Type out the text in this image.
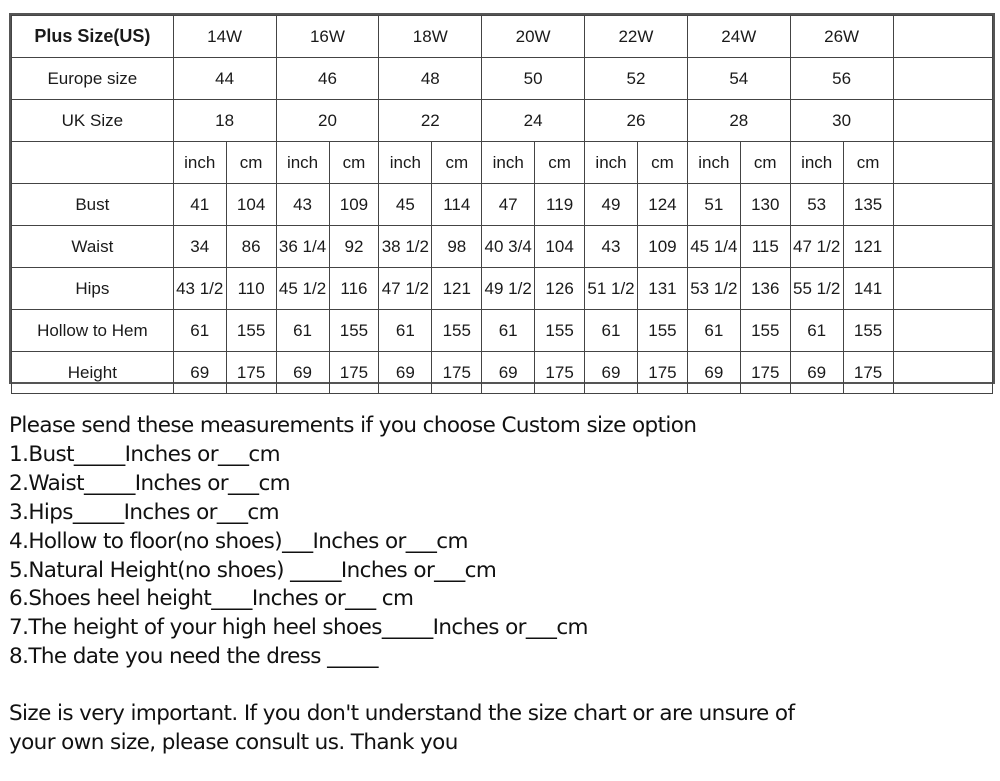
Plus Size(US)	14W		16W		18W		20W		22W		24W		26W		
Europe size	44		46		48		50		52		54		56		
UK Size	18		20		22		24		26		28		30		
	inch	cm	inch	cm	inch	cm	inch	cm	inch	cm	inch	cm	inch	cm	
Bust	41	104	43	109	45	114	47	119	49	124	51	130	53	135	
Waist	34	86	36 1/4	92	38 1/2	98	40 3/4	104	43	109	45 1/4	115	47 1/2	121	
Hips	43 1/2	110	45 1/2	116	47 1/2	121	49 1/2	126	51 1/2	131	53 1/2	136	55 1/2	141	
Hollow to Hem	61	155	61	155	61	155	61	155	61	155	61	155	61	155	
Height	69	175	69	175	69	175	69	175	69	175	69	175	69	175	
Please send these measurements if you choose Custom size option
1.Bust_____Inches or___cm
2.Waist_____Inches or___cm
3.Hips_____Inches or___cm
4.Hollow to floor(no shoes)___Inches or___cm
5.Natural Height(no shoes) _____Inches or___cm
6.Shoes heel height____Inches or___ cm
7.The height of your high heel shoes_____Inches or___cm
8.The date you need the dress _____
Size is very important. If you don't understand the size chart or are unsure of
your own size, please consult us. Thank you
